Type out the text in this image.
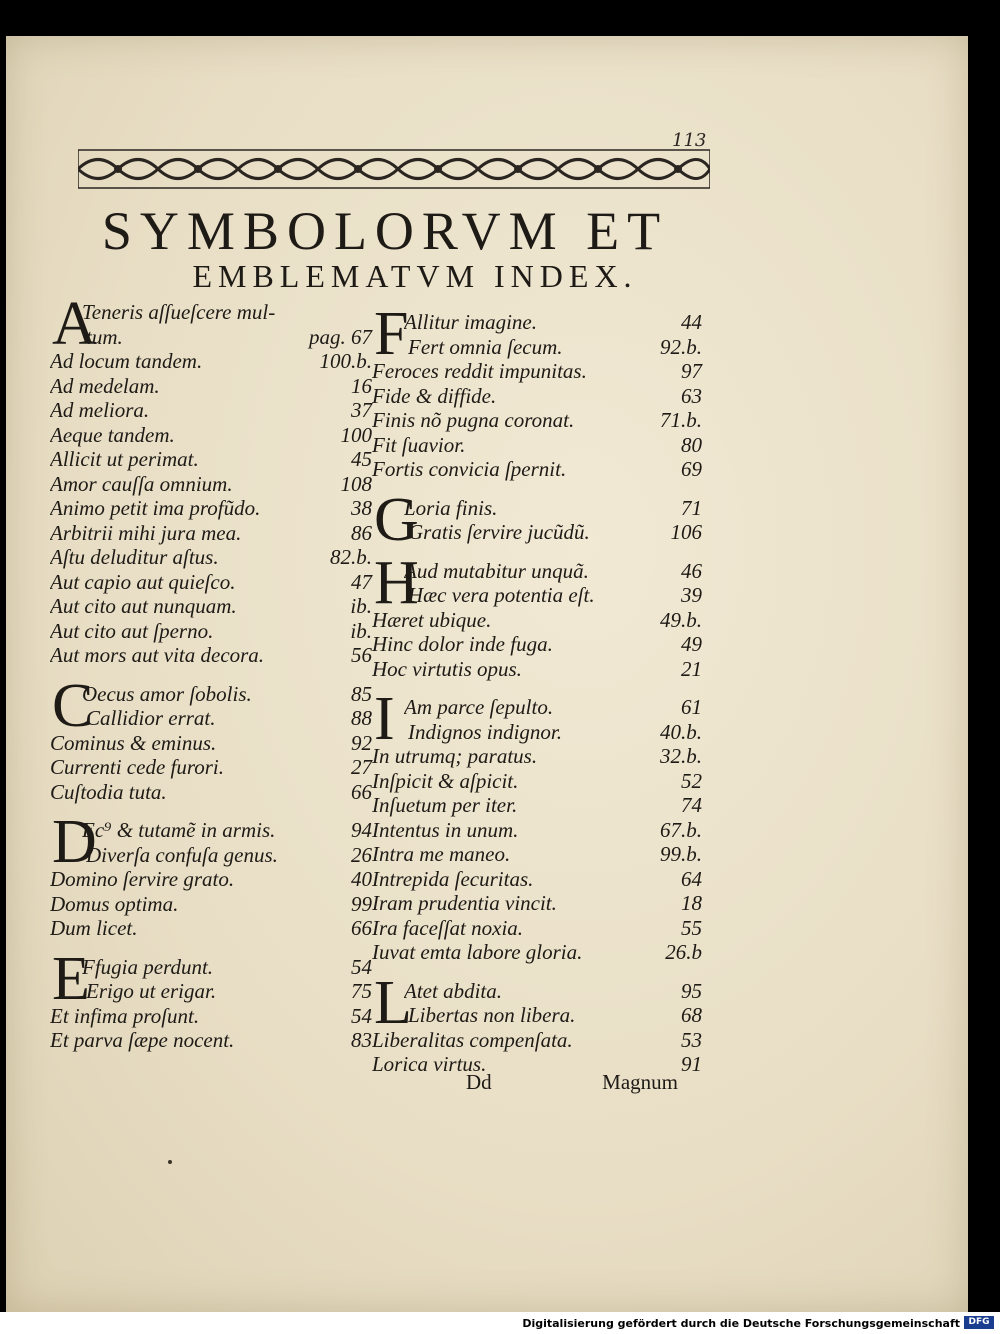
113
SYMBOLORVM ET
EMBLEMATVM INDEX.
A
Teneris aſſueſcere mul-
tum.	pag. 67
Ad locum tandem.	100.b.
Ad medelam.	16
Ad meliora.	37
Aeque tandem.	100
Allicit ut perimat.	45
Amor cauſſa omnium.	108
Animo petit ima profũdo.	38
Arbitrii mihi jura mea.	86
Aſtu deluditur aſtus.	82.b.
Aut capio aut quieſco.	47
Aut cito aut nunquam.	ib.
Aut cito aut ſperno.	ib.
Aut mors aut vita decora.	56
C
Oecus amor ſobolis.	85
Callidior errat.	88
Cominus & eminus.	92
Currenti cede furori.	27
Cuſtodia tuta.	66
D
Ec⁹ & tutamẽ in armis.	94
Diverſa confuſa genus.	26
Domino ſervire grato.	40
Domus optima.	99
Dum licet.	66
E
Ffugia perdunt.	54
Erigo ut erigar.	75
Et infima proſunt.	54
Et parva ſæpe nocent.	83
F
Allitur imagine.	44
Fert omnia ſecum.	92.b.
Feroces reddit impunitas.	97
Fide & diffide.	63
Finis nõ pugna coronat.	71.b.
Fit ſuavior.	80
Fortis convicia ſpernit.	69
G
Loria finis.	71
Gratis ſervire jucũdũ.	106
H
Aud mutabitur unquã.	46
Hæc vera potentia eſt.	39
Hæret ubique.	49.b.
Hinc dolor inde fuga.	49
Hoc virtutis opus.	21
I Am parce ſepulto.	61
Indignos indignor.	40.b.
In utrumq; paratus.	32.b.
Inſpicit & aſpicit.	52
Inſuetum per iter.	74
Intentus in unum.	67.b.
Intra me maneo.	99.b.
Intrepida ſecuritas.	64
Iram prudentia vincit.	18
Ira faceſſat noxia.	55
Iuvat emta labore gloria.	26.b
L
Atet abdita.	95
Libertas non libera.	68
Liberalitas compenſata.	53
Lorica virtus.	91
Dd	Magnum
Digitalisierung gefördert durch die Deutsche Forschungsgemeinschaft DFG
